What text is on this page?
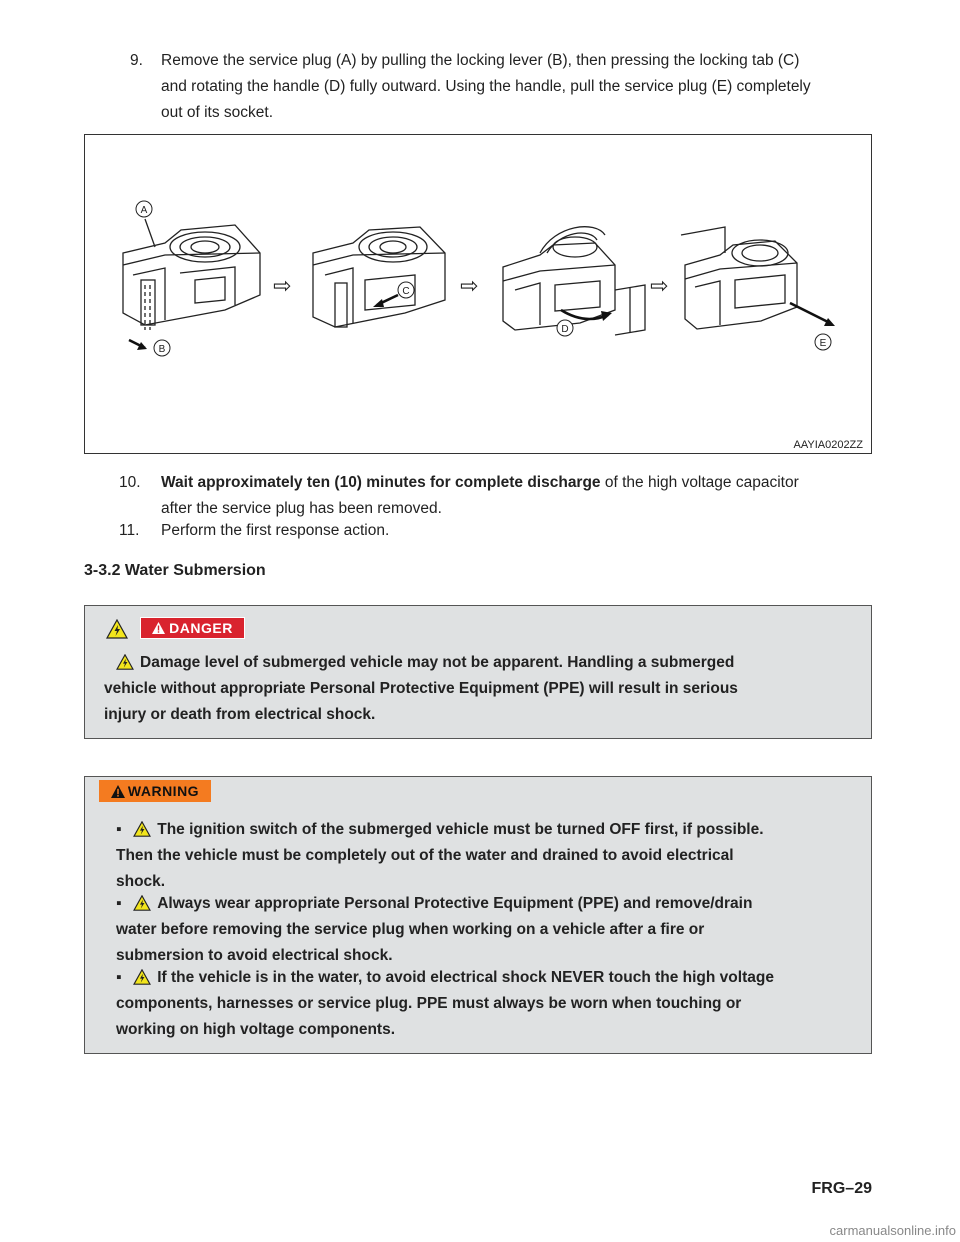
9. Remove the service plug (A) by pulling the locking lever (B), then pressing the locking tab (C)
and rotating the handle (D) fully outward. Using the handle, pull the service plug (E) completely
out of its socket.
⇨	⇨	⇨
A
B
C
D
E
AAYIA0202ZZ
10. Wait approximately ten (10) minutes for complete discharge of the high voltage capacitor
after the service plug has been removed.
11. Perform the first response action.
3-3.2 Water Submersion
DANGER
Damage level of submerged vehicle may not be apparent. Handling a submerged
vehicle without appropriate Personal Protective Equipment (PPE) will result in serious
injury or death from electrical shock.
WARNING
▪	The ignition switch of the submerged vehicle must be turned OFF first, if possible.
Then the vehicle must be completely out of the water and drained to avoid electrical
shock.
▪	Always wear appropriate Personal Protective Equipment (PPE) and remove/drain
water before removing the service plug when working on a vehicle after a fire or
submersion to avoid electrical shock.
▪	If the vehicle is in the water, to avoid electrical shock NEVER touch the high voltage
components, harnesses or service plug. PPE must always be worn when touching or
working on high voltage components.
FRG–29
carmanualsonline.info
